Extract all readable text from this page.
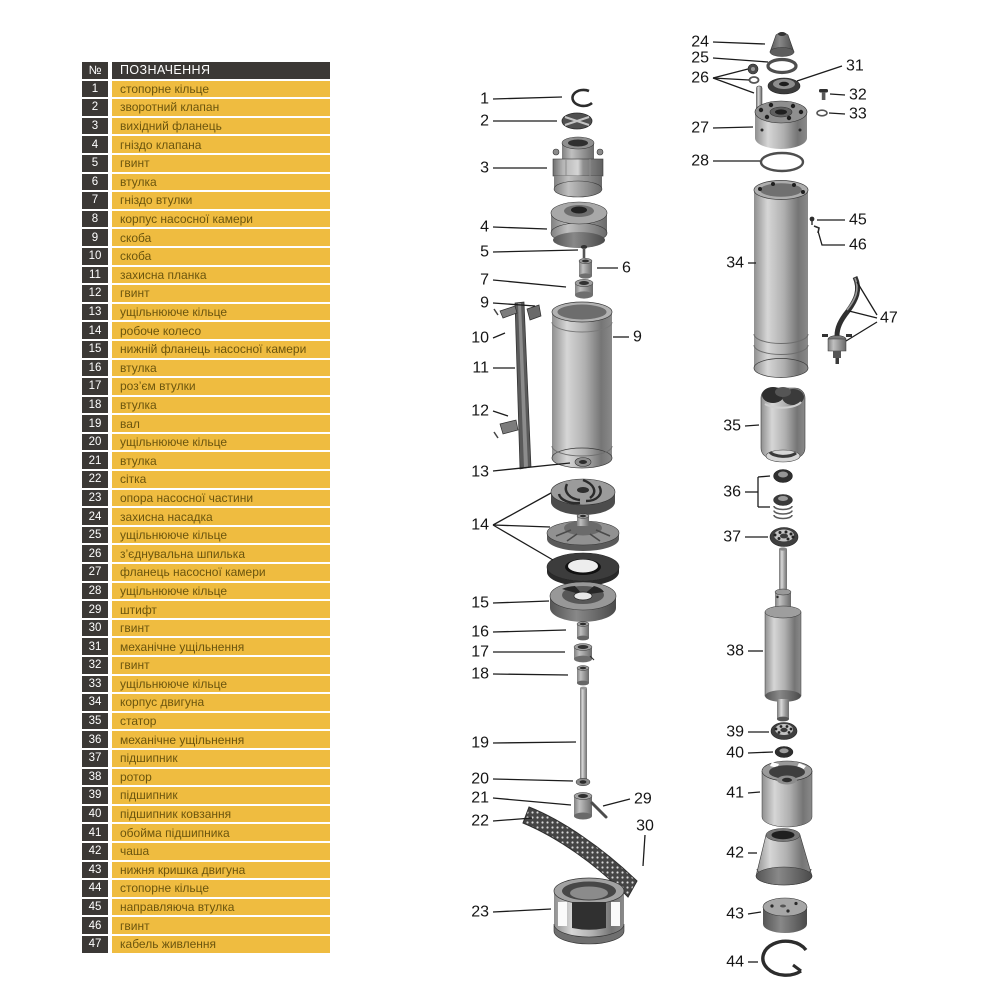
1
2
3
4
5
6
7
9
10
11
12
9
13
14
15
16
17
18
19
20
21
22
29
30
23
24
25
26
27
28
31
32
33
34
45
46
47
35
36
37
38
39
40
41
42
43
44
№	ПОЗНАЧЕННЯ
1	стопорне кільце
2	зворотний клапан
3	вихідний фланець
4	гніздо клапана
5	гвинт
6	втулка
7	гніздо втулки
8	корпус насосної камери
9	скоба
10	скоба
11	захисна планка
12	гвинт
13	ущільнююче кільце
14	робоче колесо
15	нижній фланець насосної камери
16	втулка
17	роз’єм втулки
18	втулка
19	вал
20	ущільнююче кільце
21	втулка
22	сітка
23	опора насосної частини
24	захисна насадка
25	ущільнююче кільце
26	з’єднувальна шпилька
27	фланець насосної камери
28	ущільнююче кільце
29	штифт
30	гвинт
31	механічне ущільнення
32	гвинт
33	ущільнююче кільце
34	корпус двигуна
35	статор
36	механічне ущільнення
37	підшипник
38	ротор
39	підшипник
40	підшипник ковзання
41	обойма підшипника
42	чаша
43	нижня кришка двигуна
44	стопорне кільце
45	направляюча втулка
46	гвинт
47	кабель живлення
